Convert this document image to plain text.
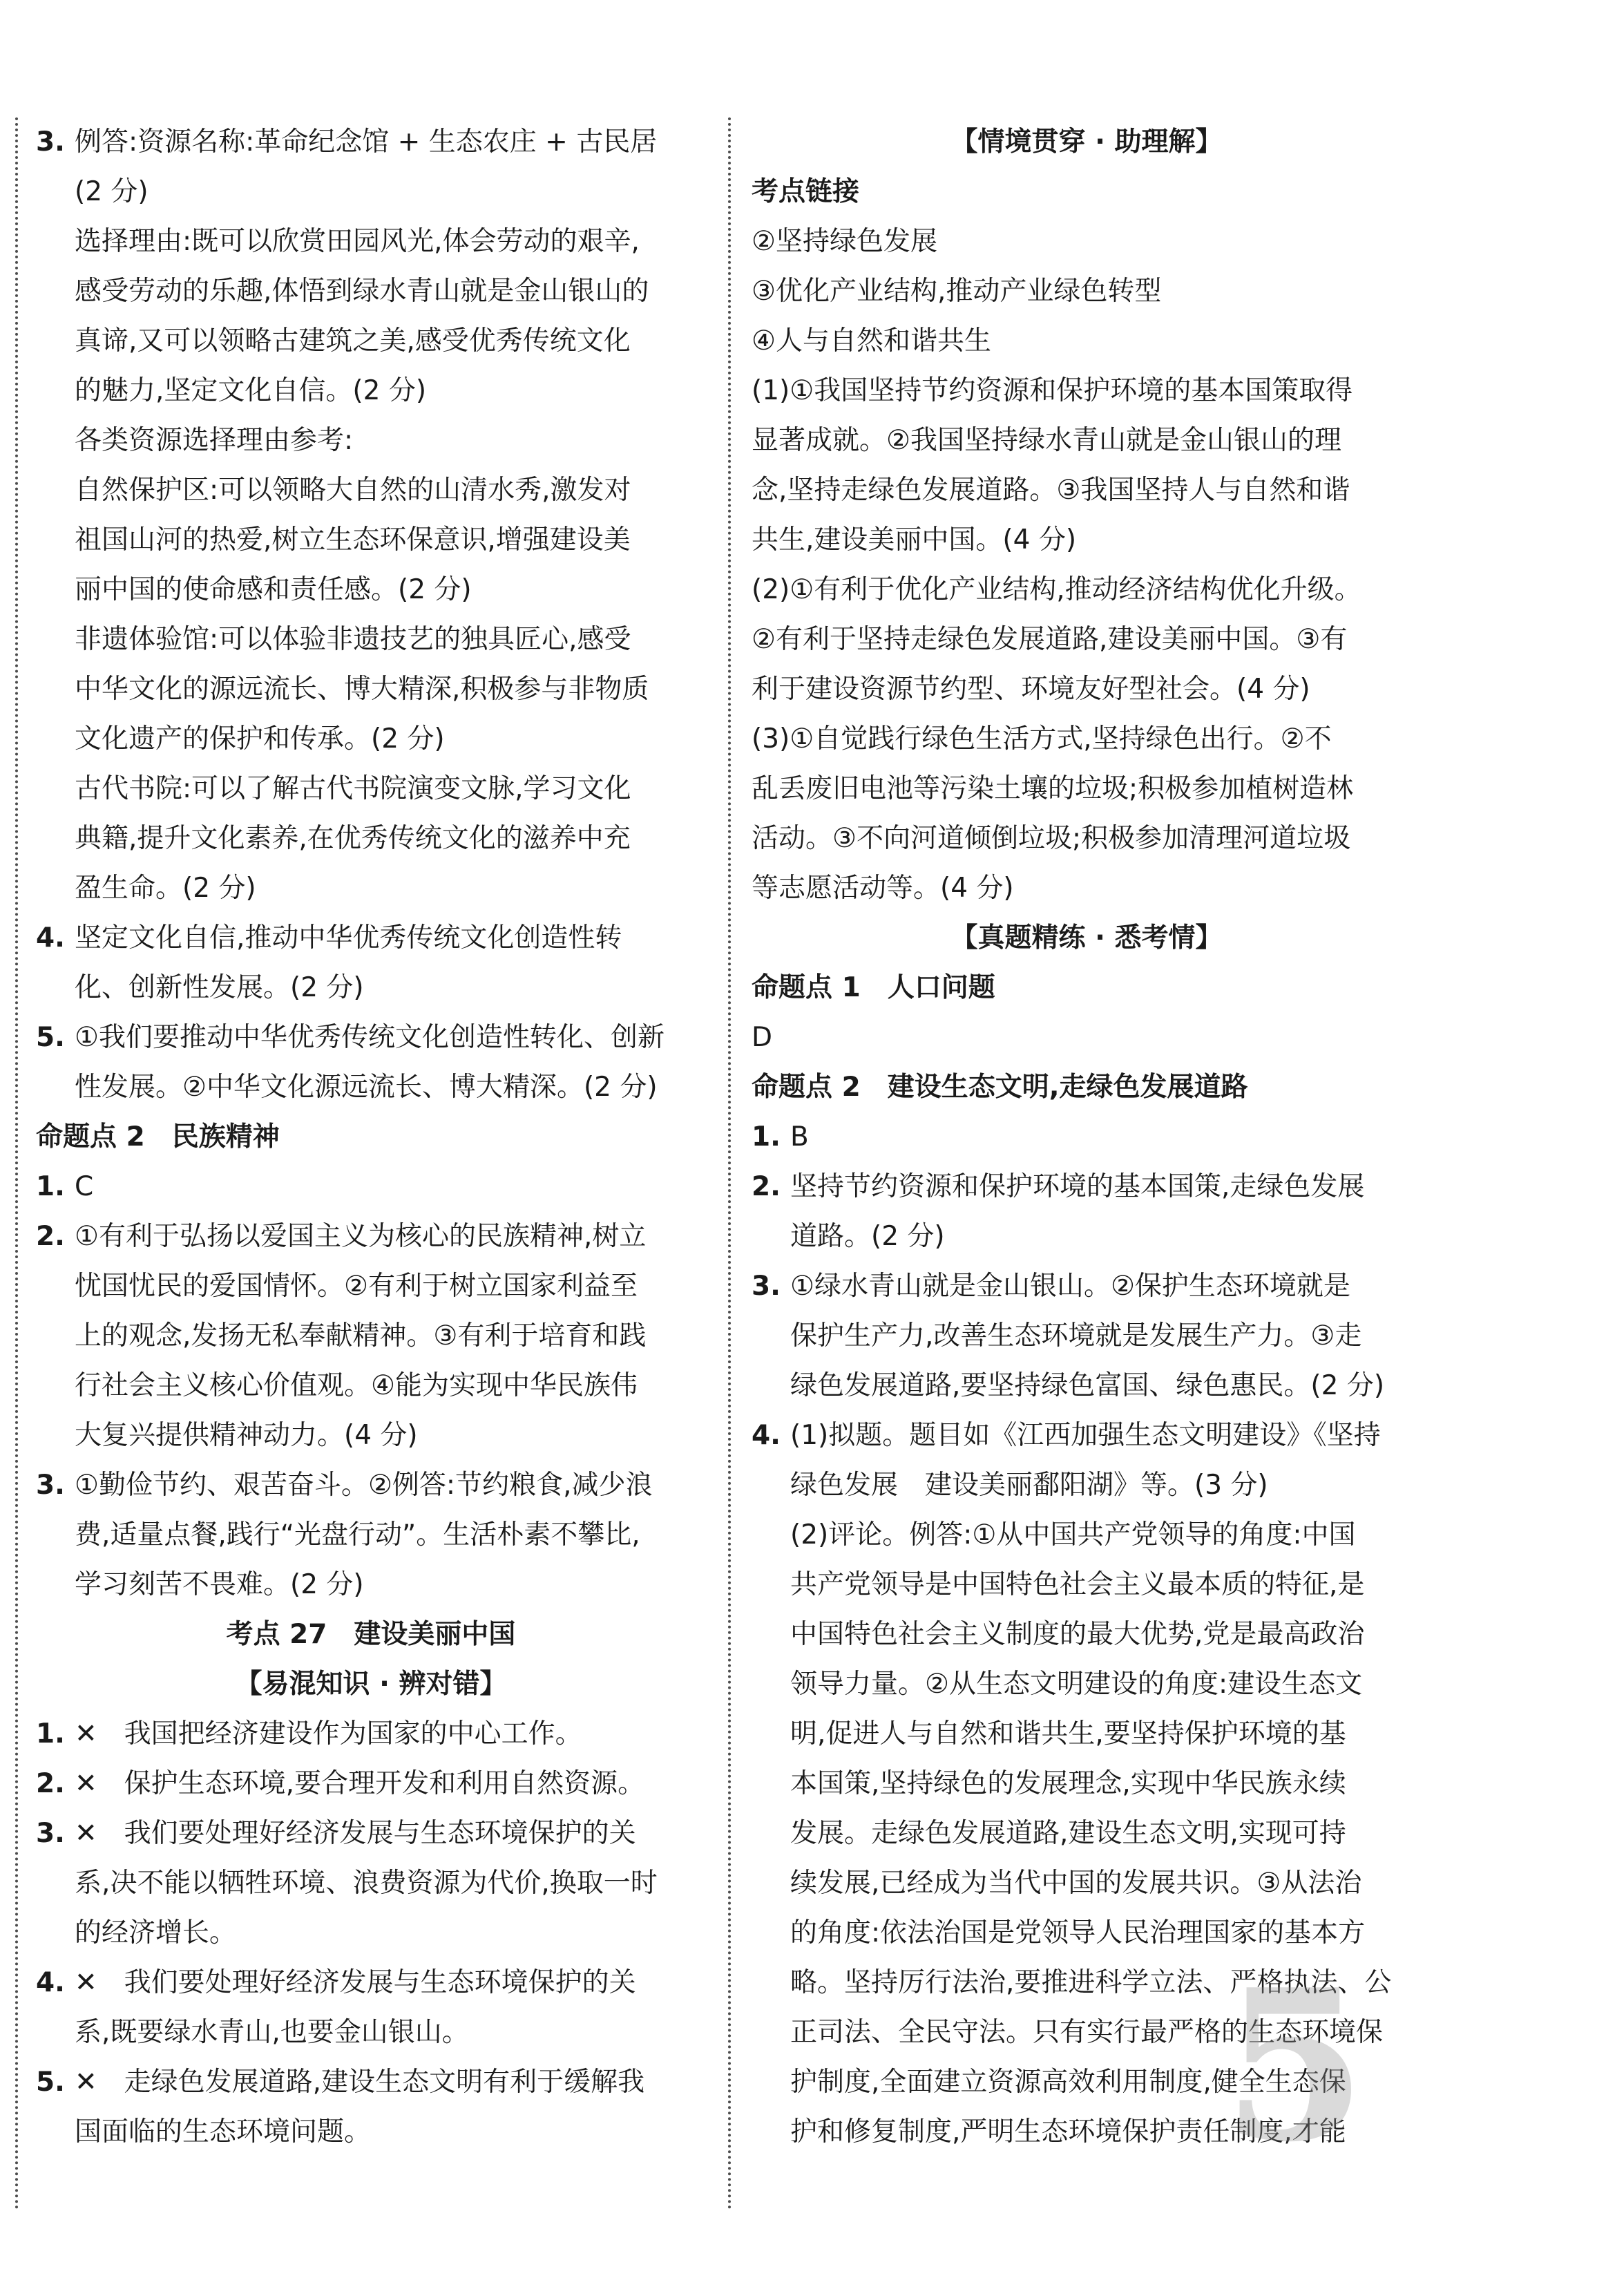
3. 例答:资源名称:革命纪念馆 + 生态农庄 + 古民居
(2 分)
选择理由:既可以欣赏田园风光,体会劳动的艰辛,
感受劳动的乐趣,体悟到绿水青山就是金山银山的
真谛,又可以领略古建筑之美,感受优秀传统文化
的魅力,坚定文化自信。(2 分)
各类资源选择理由参考:
自然保护区:可以领略大自然的山清水秀,激发对
祖国山河的热爱,树立生态环保意识,增强建设美
丽中国的使命感和责任感。(2 分)
非遗体验馆:可以体验非遗技艺的独具匠心,感受
中华文化的源远流长、博大精深,积极参与非物质
文化遗产的保护和传承。(2 分)
古代书院:可以了解古代书院演变文脉,学习文化
典籍,提升文化素养,在优秀传统文化的滋养中充
盈生命。(2 分)
4. 坚定文化自信,推动中华优秀传统文化创造性转
化、创新性发展。(2 分)
5. ①我们要推动中华优秀传统文化创造性转化、创新
性发展。②中华文化源远流长、博大精深。(2 分)
命题点 2　民族精神
1. C
2. ①有利于弘扬以爱国主义为核心的民族精神,树立
忧国忧民的爱国情怀。②有利于树立国家利益至
上的观念,发扬无私奉献精神。③有利于培育和践
行社会主义核心价值观。④能为实现中华民族伟
大复兴提供精神动力。(4 分)
3. ①勤俭节约、艰苦奋斗。②例答:节约粮食,减少浪
费,适量点餐,践行“光盘行动”。生活朴素不攀比,
学习刻苦不畏难。(2 分)
考点 27　建设美丽中国
【易混知识 · 辨对错】
1. ✕　我国把经济建设作为国家的中心工作。
2. ✕　保护生态环境,要合理开发和利用自然资源。
3. ✕　我们要处理好经济发展与生态环境保护的关
系,决不能以牺牲环境、浪费资源为代价,换取一时
的经济增长。
4. ✕　我们要处理好经济发展与生态环境保护的关
系,既要绿水青山,也要金山银山。
5. ✕　走绿色发展道路,建设生态文明有利于缓解我
国面临的生态环境问题。
【情境贯穿 · 助理解】
考点链接
②坚持绿色发展
③优化产业结构,推动产业绿色转型
④人与自然和谐共生
(1)①我国坚持节约资源和保护环境的基本国策取得
显著成就。②我国坚持绿水青山就是金山银山的理
念,坚持走绿色发展道路。③我国坚持人与自然和谐
共生,建设美丽中国。(4 分)
(2)①有利于优化产业结构,推动经济结构优化升级。
②有利于坚持走绿色发展道路,建设美丽中国。③有
利于建设资源节约型、环境友好型社会。(4 分)
(3)①自觉践行绿色生活方式,坚持绿色出行。②不
乱丢废旧电池等污染土壤的垃圾;积极参加植树造林
活动。③不向河道倾倒垃圾;积极参加清理河道垃圾
等志愿活动等。(4 分)
【真题精练 · 悉考情】
命题点 1　人口问题
D
命题点 2　建设生态文明,走绿色发展道路
1. B
2. 坚持节约资源和保护环境的基本国策,走绿色发展
道路。(2 分)
3. ①绿水青山就是金山银山。②保护生态环境就是
保护生产力,改善生态环境就是发展生产力。③走
绿色发展道路,要坚持绿色富国、绿色惠民。(2 分)
4. (1)拟题。题目如《江西加强生态文明建设》《坚持
绿色发展　建设美丽鄱阳湖》等。(3 分)
(2)评论。例答:①从中国共产党领导的角度:中国
共产党领导是中国特色社会主义最本质的特征,是
中国特色社会主义制度的最大优势,党是最高政治
领导力量。②从生态文明建设的角度:建设生态文
明,促进人与自然和谐共生,要坚持保护环境的基
本国策,坚持绿色的发展理念,实现中华民族永续
发展。走绿色发展道路,建设生态文明,实现可持
续发展,已经成为当代中国的发展共识。③从法治
的角度:依法治国是党领导人民治理国家的基本方
略。坚持厉行法治,要推进科学立法、严格执法、公
正司法、全民守法。只有实行最严格的生态环境保
护制度,全面建立资源高效利用制度,健全生态保
护和修复制度,严明生态环境保护责任制度,才能
5
